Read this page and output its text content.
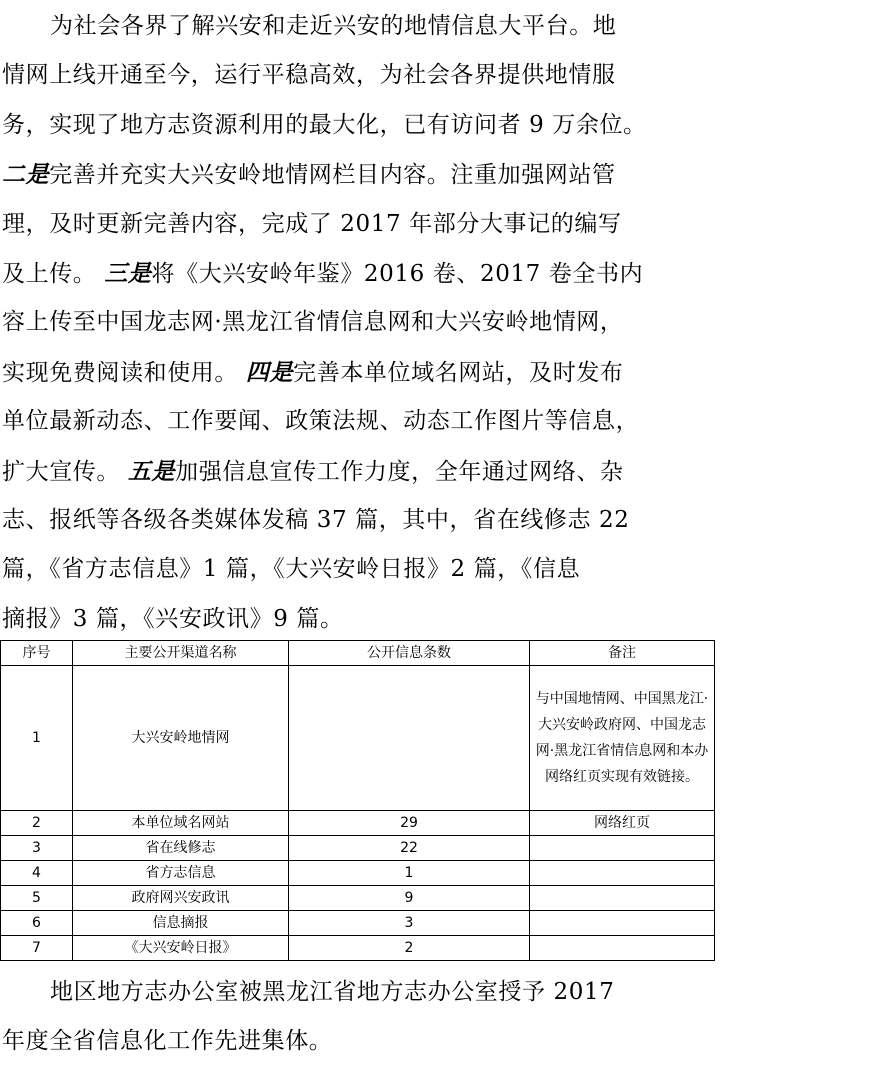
为社会各界了解兴安和走近兴安的地情信息大平台。地
情网上线开通至今，运行平稳高效，为社会各界提供地情服
务，实现了地方志资源利用的最大化，已有访问者 9 万余位。
二是完善并充实大兴安岭地情网栏目内容。注重加强网站管
理，及时更新完善内容，完成了 2017 年部分大事记的编写
及上传。 三是将《大兴安岭年鉴》2016 卷、2017 卷全书内
容上传至中国龙志网·黑龙江省情信息网和大兴安岭地情网，
实现免费阅读和使用。 四是完善本单位域名网站，及时发布
单位最新动态、工作要闻、政策法规、动态工作图片等信息，
扩大宣传。 五是加强信息宣传工作力度，全年通过网络、杂
志、报纸等各级各类媒体发稿 37 篇，其中，省在线修志 22
篇，《省方志信息》1 篇，《大兴安岭日报》2 篇，《信息
摘报》3 篇，《兴安政讯》9 篇。
序号	主要公开渠道名称	公开信息条数	备注
1	大兴安岭地情网		与中国地情网、中国黑龙江·大兴安岭政府网、中国龙志网·黑龙江省情信息网和本办网络红页实现有效链接。
2	本单位域名网站	29	网络红页
3	省在线修志	22	
4	省方志信息	1	
5	政府网兴安政讯	9	
6	信息摘报	3	
7	《大兴安岭日报》	2	
地区地方志办公室被黑龙江省地方志办公室授予 2017
年度全省信息化工作先进集体。
